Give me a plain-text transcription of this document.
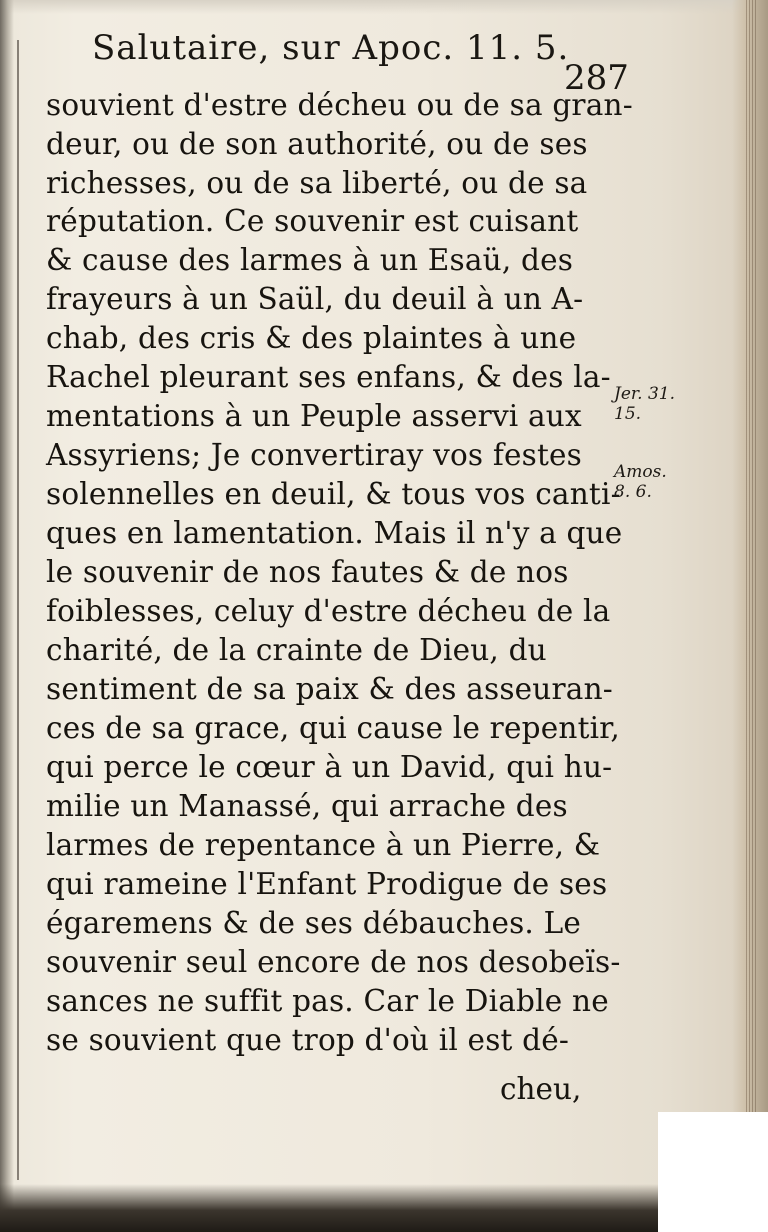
Salutaire, sur Apoc. 11. 5.
287
souvient d'estre décheu ou de sa gran-
deur, ou de son authorité, ou de ses
richesses, ou de sa liberté, ou de sa
réputation. Ce souvenir est cuisant
& cause des larmes à un Esaü, des
frayeurs à un Saül, du deuil à un A-
chab, des cris & des plaintes à une
Rachel pleurant ses enfans, & des la-
mentations à un Peuple asservi aux
Assyriens; Je convertiray vos festes
solennelles en deuil, & tous vos canti-
ques en lamentation. Mais il n'y a que
le souvenir de nos fautes & de nos
foiblesses, celuy d'estre décheu de la
charité, de la crainte de Dieu, du
sentiment de sa paix & des asseuran-
ces de sa grace, qui cause le repentir,
qui perce le cœur à un David, qui hu-
milie un Manassé, qui arrache des
larmes de repentance à un Pierre, &
qui rameine l'Enfant Prodigue de ses
égaremens & de ses débauches. Le
souvenir seul encore de nos desobeïs-
sances ne suffit pas. Car le Diable ne
se souvient que trop d'où il est dé-
cheu,
Jer. 31.
15.
Amos.
8. 6.
